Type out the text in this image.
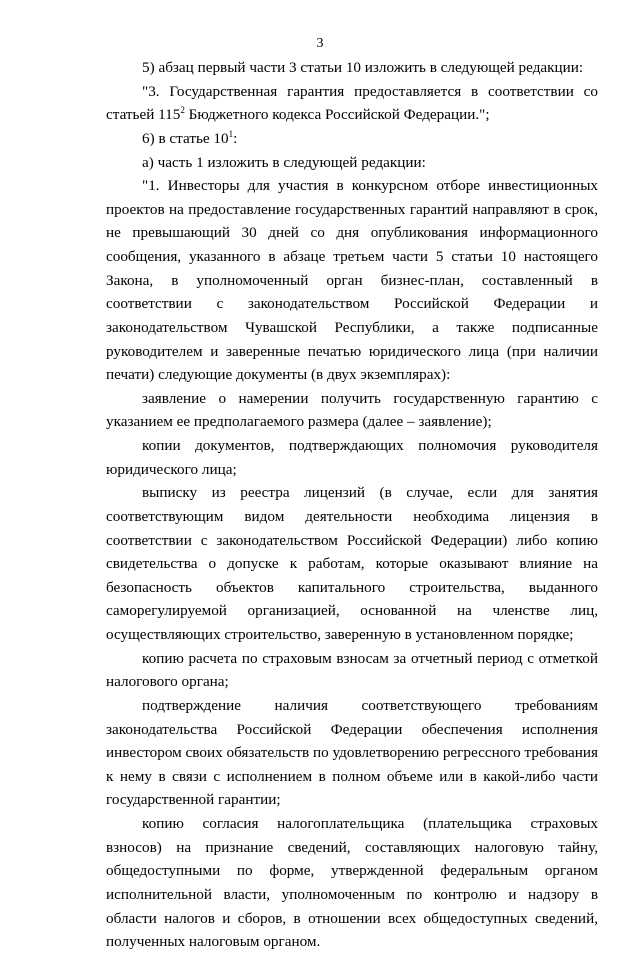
3

5) абзац первый части 3 статьи 10 изложить в следующей редакции:

"3. Государственная гарантия предоставляется в соответствии со статьей $115^2$ Бюджетного кодекса Российской Федерации.";

6) в статье $10^1$:

а) часть 1 изложить в следующей редакции:

"1. Инвесторы для участия в конкурсном отборе инвестиционных проектов на предоставление государственных гарантий направляют в срок, не превышающий 30 дней со дня опубликования информационного сообщения, указанного в абзаце третьем части 5 статьи 10 настоящего Закона, в уполномоченный орган бизнес-план, составленный в соответствии с законодательством Российской Федерации и законодательством Чувашской Республики, а также подписанные руководителем и заверенные печатью юридического лица (при наличии печати) следующие документы (в двух экземплярах):

заявление о намерении получить государственную гарантию с указанием ее предполагаемого размера (далее – заявление);

копии документов, подтверждающих полномочия руководителя юридического лица;

выписку из реестра лицензий (в случае, если для занятия соответствующим видом деятельности необходима лицензия в соответствии с законодательством Российской Федерации) либо копию свидетельства о допуске к работам, которые оказывают влияние на безопасность объектов капитального строительства, выданного саморегулируемой организацией, основанной на членстве лиц, осуществляющих строительство, заверенную в установленном порядке;

копию расчета по страховым взносам за отчетный период с отметкой налогового органа;

подтверждение наличия соответствующего требованиям законодательства Российской Федерации обеспечения исполнения инвестором своих обязательств по удовлетворению регрессного требования к нему в связи с исполнением в полном объеме или в какой-либо части государственной гарантии;

копию согласия налогоплательщика (плательщика страховых взносов) на признание сведений, составляющих налоговую тайну, общедоступными по форме, утвержденной федеральным органом исполнительной власти, уполномоченным по контролю и надзору в области налогов и сборов, в отношении всех общедоступных сведений, полученных налоговым органом.
